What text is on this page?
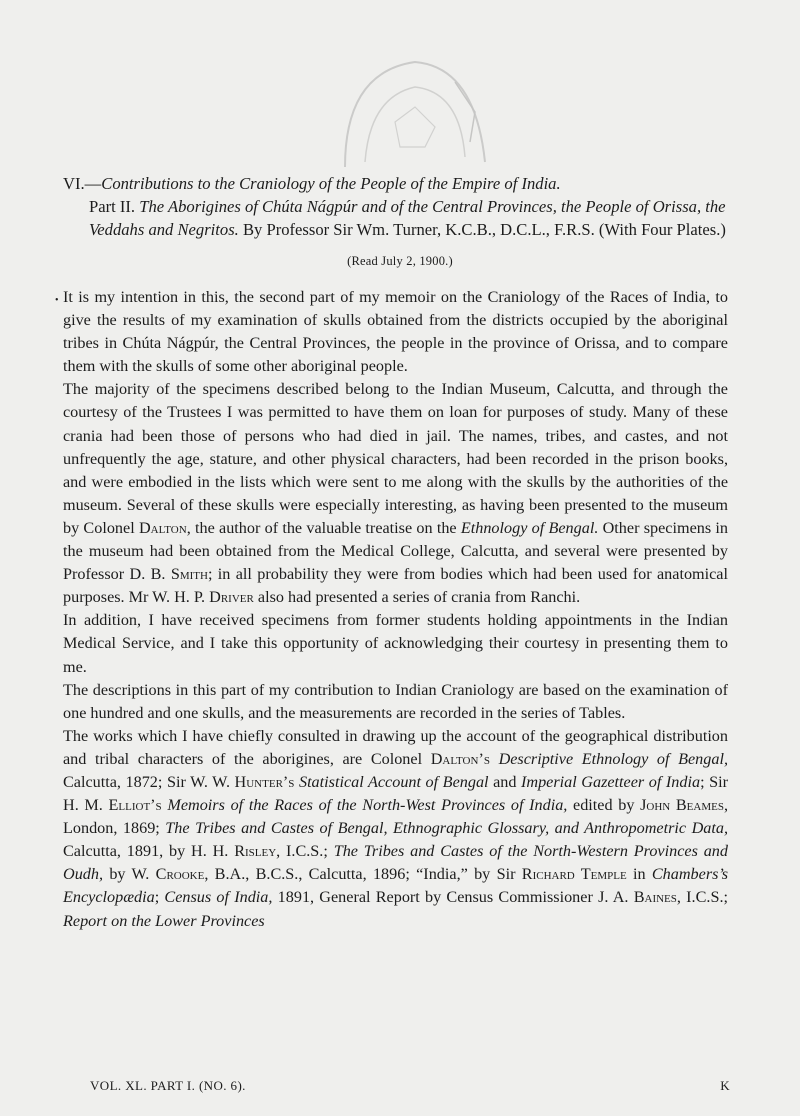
VI.—Contributions to the Craniology of the People of the Empire of India.
Part II. The Aborigines of Chúta Nágpúr and of the Central Provinces, the People of Orissa, the Veddahs and Negritos. By Professor Sir Wm. Turner, K.C.B., D.C.L., F.R.S. (With Four Plates.)
(Read July 2, 1900.)
• It is my intention in this, the second part of my memoir on the Craniology of the Races of India, to give the results of my examination of skulls obtained from the districts occupied by the aboriginal tribes in Chúta Nágpúr, the Central Provinces, the people in the province of Orissa, and to compare them with the skulls of some other aboriginal people.

The majority of the specimens described belong to the Indian Museum, Calcutta, and through the courtesy of the Trustees I was permitted to have them on loan for purposes of study. Many of these crania had been those of persons who had died in jail. The names, tribes, and castes, and not unfrequently the age, stature, and other physical characters, had been recorded in the prison books, and were embodied in the lists which were sent to me along with the skulls by the authorities of the museum. Several of these skulls were especially interesting, as having been presented to the museum by Colonel Dalton, the author of the valuable treatise on the Ethnology of Bengal. Other specimens in the museum had been obtained from the Medical College, Calcutta, and several were presented by Professor D. B. Smith; in all probability they were from bodies which had been used for anatomical purposes. Mr W. H. P. Driver also had presented a series of crania from Ranchi.

In addition, I have received specimens from former students holding appointments in the Indian Medical Service, and I take this opportunity of acknowledging their courtesy in presenting them to me.

The descriptions in this part of my contribution to Indian Craniology are based on the examination of one hundred and one skulls, and the measurements are recorded in the series of Tables.

The works which I have chiefly consulted in drawing up the account of the geographical distribution and tribal characters of the aborigines, are Colonel Dalton’s Descriptive Ethnology of Bengal, Calcutta, 1872; Sir W. W. Hunter’s Statistical Account of Bengal and Imperial Gazetteer of India; Sir H. M. Elliot’s Memoirs of the Races of the North-West Provinces of India, edited by John Beames, London, 1869; The Tribes and Castes of Bengal, Ethnographic Glossary, and Anthropometric Data, Calcutta, 1891, by H. H. Risley, I.C.S.; The Tribes and Castes of the North-Western Provinces and Oudh, by W. Crooke, B.A., B.C.S., Calcutta, 1896; “India,” by Sir Richard Temple in Chambers’s Encyclopædia; Census of India, 1891, General Report by Census Commissioner J. A. Baines, I.C.S.; Report on the Lower Provinces

VOL. XL. PART I. (NO. 6).	K
